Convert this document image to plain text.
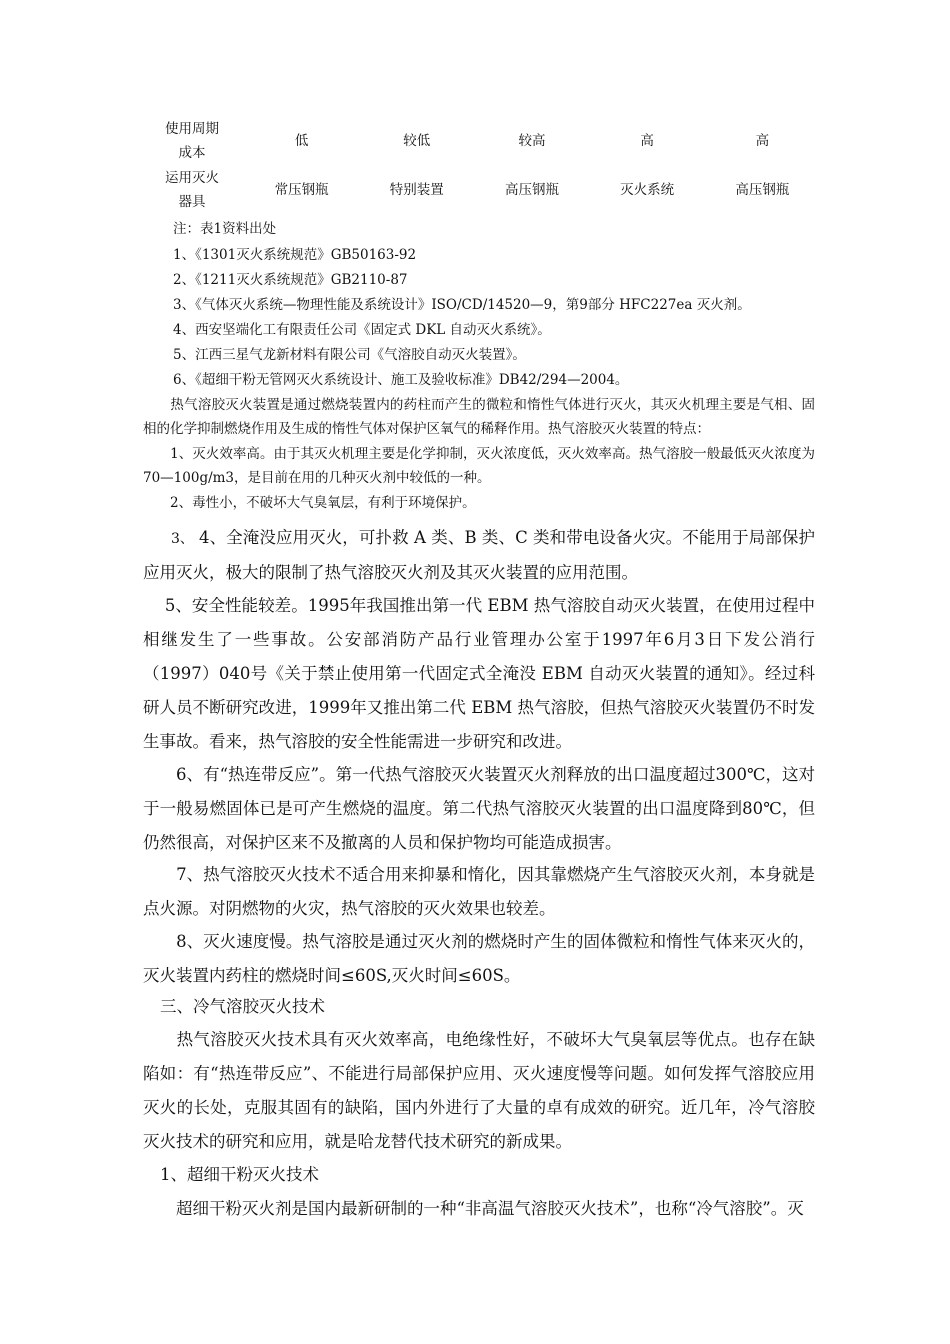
使用周期
成本	低	较低	较高	高	高
运用灭火
器具	常压钢瓶	特别装置	高压钢瓶	灭火系统	高压钢瓶
注：表1资料出处
1、《1301灭火系统规范》GB50163-92
2、《1211灭火系统规范》GB2110-87
3、《气体灭火系统—物理性能及系统设计》ISO/CD/14520—9，第9部分 HFC227ea 灭火剂。
4、西安坚端化工有限责任公司《固定式 DKL 自动灭火系统》。
5、江西三星气龙新材料有限公司《气溶胶自动灭火装置》。
6、《超细干粉无管网灭火系统设计、施工及验收标准》DB42/294—2004。

　　热气溶胶灭火装置是通过燃烧装置内的药柱而产生的微粒和惰性气体进行灭火，其灭火机理主要是气相、固相的化学抑制燃烧作用及生成的惰性气体对保护区氧气的稀释作用。热气溶胶灭火装置的特点：

　　1、灭火效率高。由于其灭火机理主要是化学抑制，灭火浓度低，灭火效率高。热气溶胶一般最低灭火浓度为70—100g/m3，是目前在用的几种灭火剂中较低的一种。

　　2、毒性小，不破坏大气臭氧层，有利于环境保护。

3、 4、全淹没应用灭火，可扑救 A 类、B 类、C 类和带电设备火灾。不能用于局部保护应用灭火，极大的限制了热气溶胶灭火剂及其灭火装置的应用范围。

　 5、安全性能较差。1995年我国推出第一代 EBM 热气溶胶自动灭火装置，在使用过程中相继发生了一些事故。公安部消防产品行业管理办公室于1997年6月3日下发公消行（1997）040号《关于禁止使用第一代固定式全淹没 EBM 自动灭火装置的通知》。经过科研人员不断研究改进，1999年又推出第二代 EBM 热气溶胶，但热气溶胶灭火装置仍不时发生事故。看来，热气溶胶的安全性能需进一步研究和改进。

　　6、有“热连带反应”。第一代热气溶胶灭火装置灭火剂释放的出口温度超过300℃，这对于一般易燃固体已是可产生燃烧的温度。第二代热气溶胶灭火装置的出口温度降到80℃，但仍然很高，对保护区来不及撤离的人员和保护物均可能造成损害。

　　7、热气溶胶灭火技术不适合用来抑暴和惰化，因其靠燃烧产生气溶胶灭火剂，本身就是点火源。对阴燃物的火灾，热气溶胶的灭火效果也较差。

　　8、灭火速度慢。热气溶胶是通过灭火剂的燃烧时产生的固体微粒和惰性气体来灭火的，灭火装置内药柱的燃烧时间≤60S,灭火时间≤60S。

三、冷气溶胶灭火技术

　　热气溶胶灭火技术具有灭火效率高，电绝缘性好，不破坏大气臭氧层等优点。也存在缺陷如：有“热连带反应”、不能进行局部保护应用、灭火速度慢等问题。如何发挥气溶胶应用灭火的长处，克服其固有的缺陷，国内外进行了大量的卓有成效的研究。近几年，冷气溶胶灭火技术的研究和应用，就是哈龙替代技术研究的新成果。

1、超细干粉灭火技术

　　超细干粉灭火剂是国内最新研制的一种“非高温气溶胶灭火技术”，也称“冷气溶胶”。灭
